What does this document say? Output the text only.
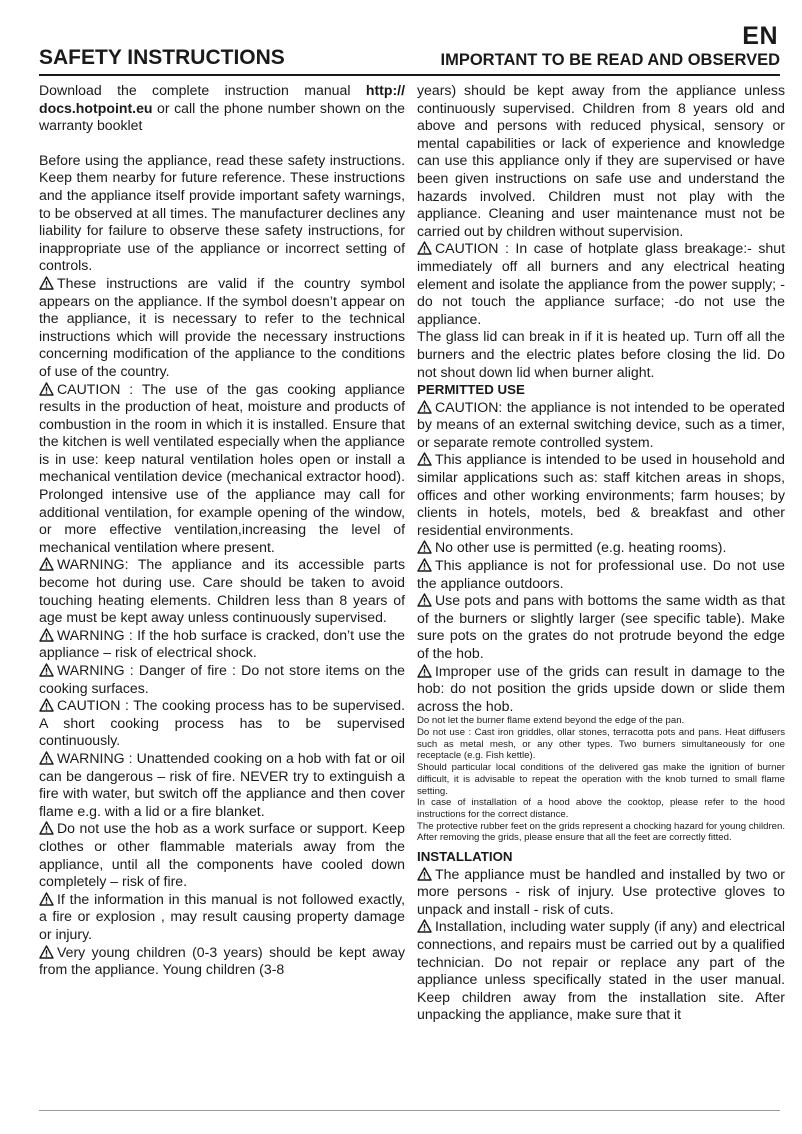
EN
SAFETY INSTRUCTIONS	IMPORTANT TO BE READ AND OBSERVED

Download the complete instruction manual http:// docs.hotpoint.eu or call the phone number shown on the warranty booklet

Before using the appliance, read these safety instructions. Keep them nearby for future reference. These instructions and the appliance itself provide important safety warnings, to be observed at all times. The manufacturer declines any liability for failure to observe these safety instructions, for inappropriate use of the appliance or incorrect setting of controls.

These instructions are valid if the country symbol appears on the appliance. If the symbol doesn’t appear on the appliance, it is necessary to refer to the technical instructions which will provide the necessary instructions concerning modification of the appliance to the conditions of use of the country.

CAUTION : The use of the gas cooking appliance results in the production of heat, moisture and products of combustion in the room in which it is installed. Ensure that the kitchen is well ventilated especially when the appliance is in use: keep natural ventilation holes open or install a mechanical ventilation device (mechanical extractor hood). Prolonged intensive use of the appliance may call for additional ventilation, for example opening of the window, or more effective ventilation,increasing the level of mechanical ventilation where present.

WARNING: The appliance and its accessible parts become hot during use. Care should be taken to avoid touching heating elements. Children less than 8 years of age must be kept away unless continuously supervised.

WARNING : If the hob surface is cracked, don’t use the appliance – risk of electrical shock.

WARNING : Danger of fire : Do not store items on the cooking surfaces.

CAUTION : The cooking process has to be supervised. A short cooking process has to be supervised continuously.

WARNING : Unattended cooking on a hob with fat or oil can be dangerous – risk of fire. NEVER try to extinguish a fire with water, but switch off the appliance and then cover flame e.g. with a lid or a fire blanket.

Do not use the hob as a work surface or support. Keep clothes or other flammable materials away from the appliance, until all the components have cooled down completely – risk of fire.

If the information in this manual is not followed exactly, a fire or explosion , may result causing property damage or injury.

Very young children (0-3 years) should be kept away from the appliance. Young children (3-8

years) should be kept away from the appliance unless continuously supervised. Children from 8 years old and above and persons with reduced physical, sensory or mental capabilities or lack of experience and knowledge can use this appliance only if they are supervised or have been given instructions on safe use and understand the hazards involved. Children must not play with the appliance. Cleaning and user maintenance must not be carried out by children without supervision.

CAUTION : In case of hotplate glass breakage:- shut immediately off all burners and any electrical heating element and isolate the appliance from the power supply; - do not touch the appliance surface; -do not use the appliance.

The glass lid can break in if it is heated up. Turn off all the burners and the electric plates before closing the lid. Do not shout down lid when burner alight.

PERMITTED USE

CAUTION: the appliance is not intended to be operated by means of an external switching device, such as a timer, or separate remote controlled system.

This appliance is intended to be used in household and similar applications such as: staff kitchen areas in shops, offices and other working environments; farm houses; by clients in hotels, motels, bed & breakfast and other residential environments.

No other use is permitted (e.g. heating rooms).

This appliance is not for professional use. Do not use the appliance outdoors.

Use pots and pans with bottoms the same width as that of the burners or slightly larger (see specific table). Make sure pots on the grates do not protrude beyond the edge of the hob.

Improper use of the grids can result in damage to the hob: do not position the grids upside down or slide them across the hob.

Do not let the burner flame extend beyond the edge of the pan.

Do not use : Cast iron griddles, ollar stones, terracotta pots and pans. Heat diffusers such as metal mesh, or any other types. Two burners simultaneously for one receptacle (e.g. Fish kettle).

Should particular local conditions of the delivered gas make the ignition of burner difficult, it is advisable to repeat the operation with the knob turned to small flame setting.

In case of installation of a hood above the cooktop, please refer to the hood instructions for the correct distance.

The protective rubber feet on the grids represent a chocking hazard for young children. After removing the grids, please ensure that all the feet are correctly fitted.

INSTALLATION

The appliance must be handled and installed by two or more persons - risk of injury. Use protective gloves to unpack and install - risk of cuts.

Installation, including water supply (if any) and electrical connections, and repairs must be carried out by a qualified technician. Do not repair or replace any part of the appliance unless specifically stated in the user manual. Keep children away from the installation site. After unpacking the appliance, make sure that it
